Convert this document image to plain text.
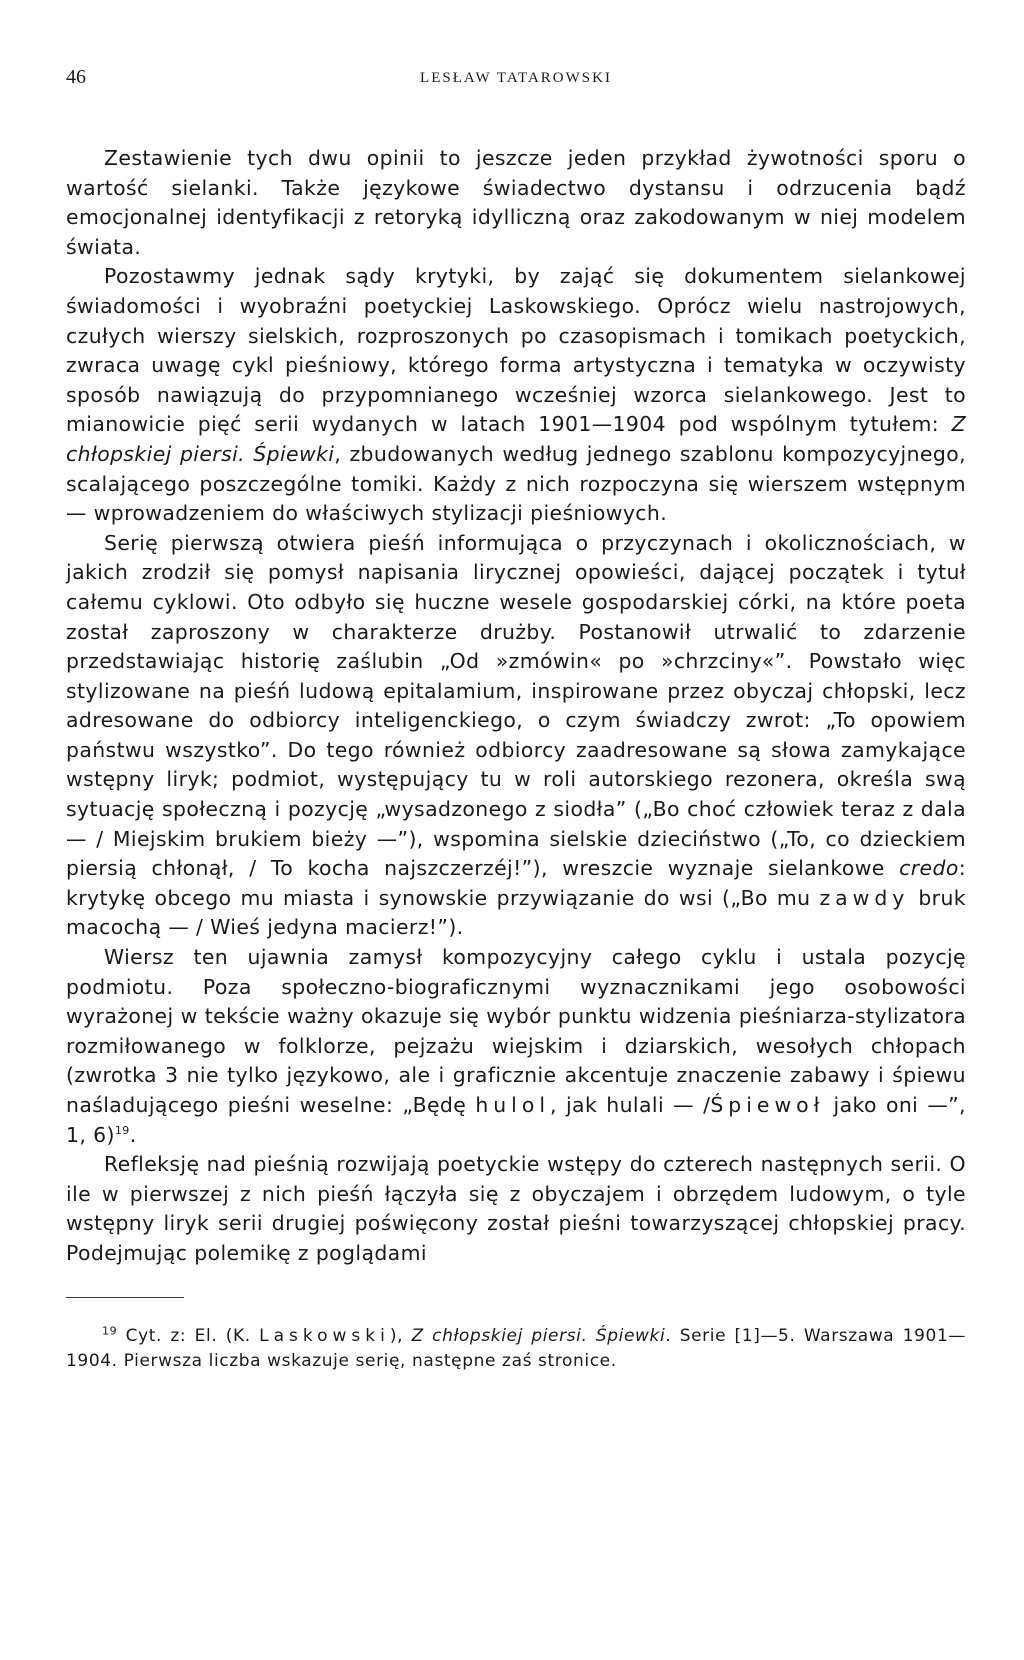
46	LESŁAW TATAROWSKI

Zestawienie tych dwu opinii to jeszcze jeden przykład żywotności sporu o wartość sielanki. Także językowe świadectwo dystansu i odrzucenia bądź emocjonalnej identyfikacji z retoryką idylliczną oraz zakodowanym w niej modelem świata.

Pozostawmy jednak sądy krytyki, by zająć się dokumentem sielankowej świadomości i wyobraźni poetyckiej Laskowskiego. Oprócz wielu nastrojowych, czułych wierszy sielskich, rozproszonych po czasopismach i tomikach poetyckich, zwraca uwagę cykl pieśniowy, którego forma artystyczna i tematyka w oczywisty sposób nawiązują do przypomnianego wcześniej wzorca sielankowego. Jest to mianowicie pięć serii wydanych w latach 1901—1904 pod wspólnym tytułem: Z chłopskiej piersi. Śpiewki, zbudowanych według jednego szablonu kompozycyjnego, scalającego poszczególne tomiki. Każdy z nich rozpoczyna się wierszem wstępnym — wprowadzeniem do właściwych stylizacji pieśniowych.

Serię pierwszą otwiera pieśń informująca o przyczynach i okolicznościach, w jakich zrodził się pomysł napisania lirycznej opowieści, dającej początek i tytuł całemu cyklowi. Oto odbyło się huczne wesele gospodarskiej córki, na które poeta został zaproszony w charakterze drużby. Postanowił utrwalić to zdarzenie przedstawiając historię zaślubin „Od »zmówin« po »chrzciny«”. Powstało więc stylizowane na pieśń ludową epitalamium, inspirowane przez obyczaj chłopski, lecz adresowane do odbiorcy inteligenckiego, o czym świadczy zwrot: „To opowiem państwu wszystko”. Do tego również odbiorcy zaadresowane są słowa zamykające wstępny liryk; podmiot, występujący tu w roli autorskiego rezonera, określa swą sytuację społeczną i pozycję „wysadzonego z siodła” („Bo choć człowiek teraz z dala — / Miejskim brukiem bieży —”), wspomina sielskie dzieciństwo („To, co dzieckiem piersią chłonął, / To kocha najszczerzéj!”), wreszcie wyznaje sielankowe credo: krytykę obcego mu miasta i synowskie przywiązanie do wsi („Bo mu zawdy bruk macochą — / Wieś jedyna macierz!”).

Wiersz ten ujawnia zamysł kompozycyjny całego cyklu i ustala pozycję podmiotu. Poza społeczno-biograficznymi wyznacznikami jego osobowości wyrażonej w tekście ważny okazuje się wybór punktu widzenia pieśniarza-stylizatora rozmiłowanego w folklorze, pejzażu wiejskim i dziarskich, wesołych chłopach (zwrotka 3 nie tylko językowo, ale i graficznie akcentuje znaczenie zabawy i śpiewu naśladującego pieśni weselne: „Będę hulol, jak hulali — /Śpiewoł jako oni —”, 1, 6)$^{19}$.

Refleksję nad pieśnią rozwijają poetyckie wstępy do czterech następnych serii. O ile w pierwszej z nich pieśń łączyła się z obyczajem i obrzędem ludowym, o tyle wstępny liryk serii drugiej poświęcony został pieśni towarzyszącej chłopskiej pracy. Podejmując polemikę z poglądami

$^{19}$ Cyt. z: El. (K. Laskowski), Z chłopskiej piersi. Śpiewki. Serie [1]—5. Warszawa 1901—1904. Pierwsza liczba wskazuje serię, następne zaś stronice.
